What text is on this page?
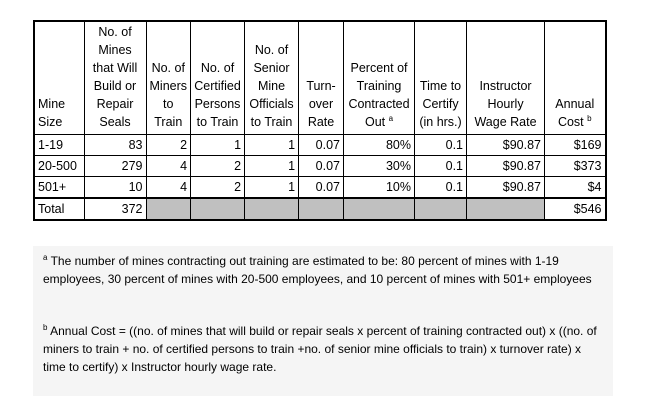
Mine Size	No. of Mines that Will Build or Repair Seals	No. of Miners to Train	No. of Certified Persons to Train	No. of Senior Mine Officials to Train	Turn-over Rate	Percent of Training Contracted Out $^a$	Time to Certify (in hrs.)	Instructor Hourly Wage Rate	Annual Cost $^b$
1-19	83	2	1	1	0.07	80%	0.1	$90.87	$169
20-500	279	4	2	1	0.07	30%	0.1	$90.87	$373
501+	10	4	2	1	0.07	10%	0.1	$90.87	$4
Total	372								$546
$^a$ The number of mines contracting out training are estimated to be: 80 percent of mines with 1-19 employees, 30 percent of mines with 20-500 employees, and 10 percent of mines with 501+ employees
$^b$ Annual Cost = ((no. of mines that will build or repair seals x percent of training contracted out) x ((no. of miners to train + no. of certified persons to train +no. of senior mine officials to train) x turnover rate) x time to certify) x Instructor hourly wage rate.
